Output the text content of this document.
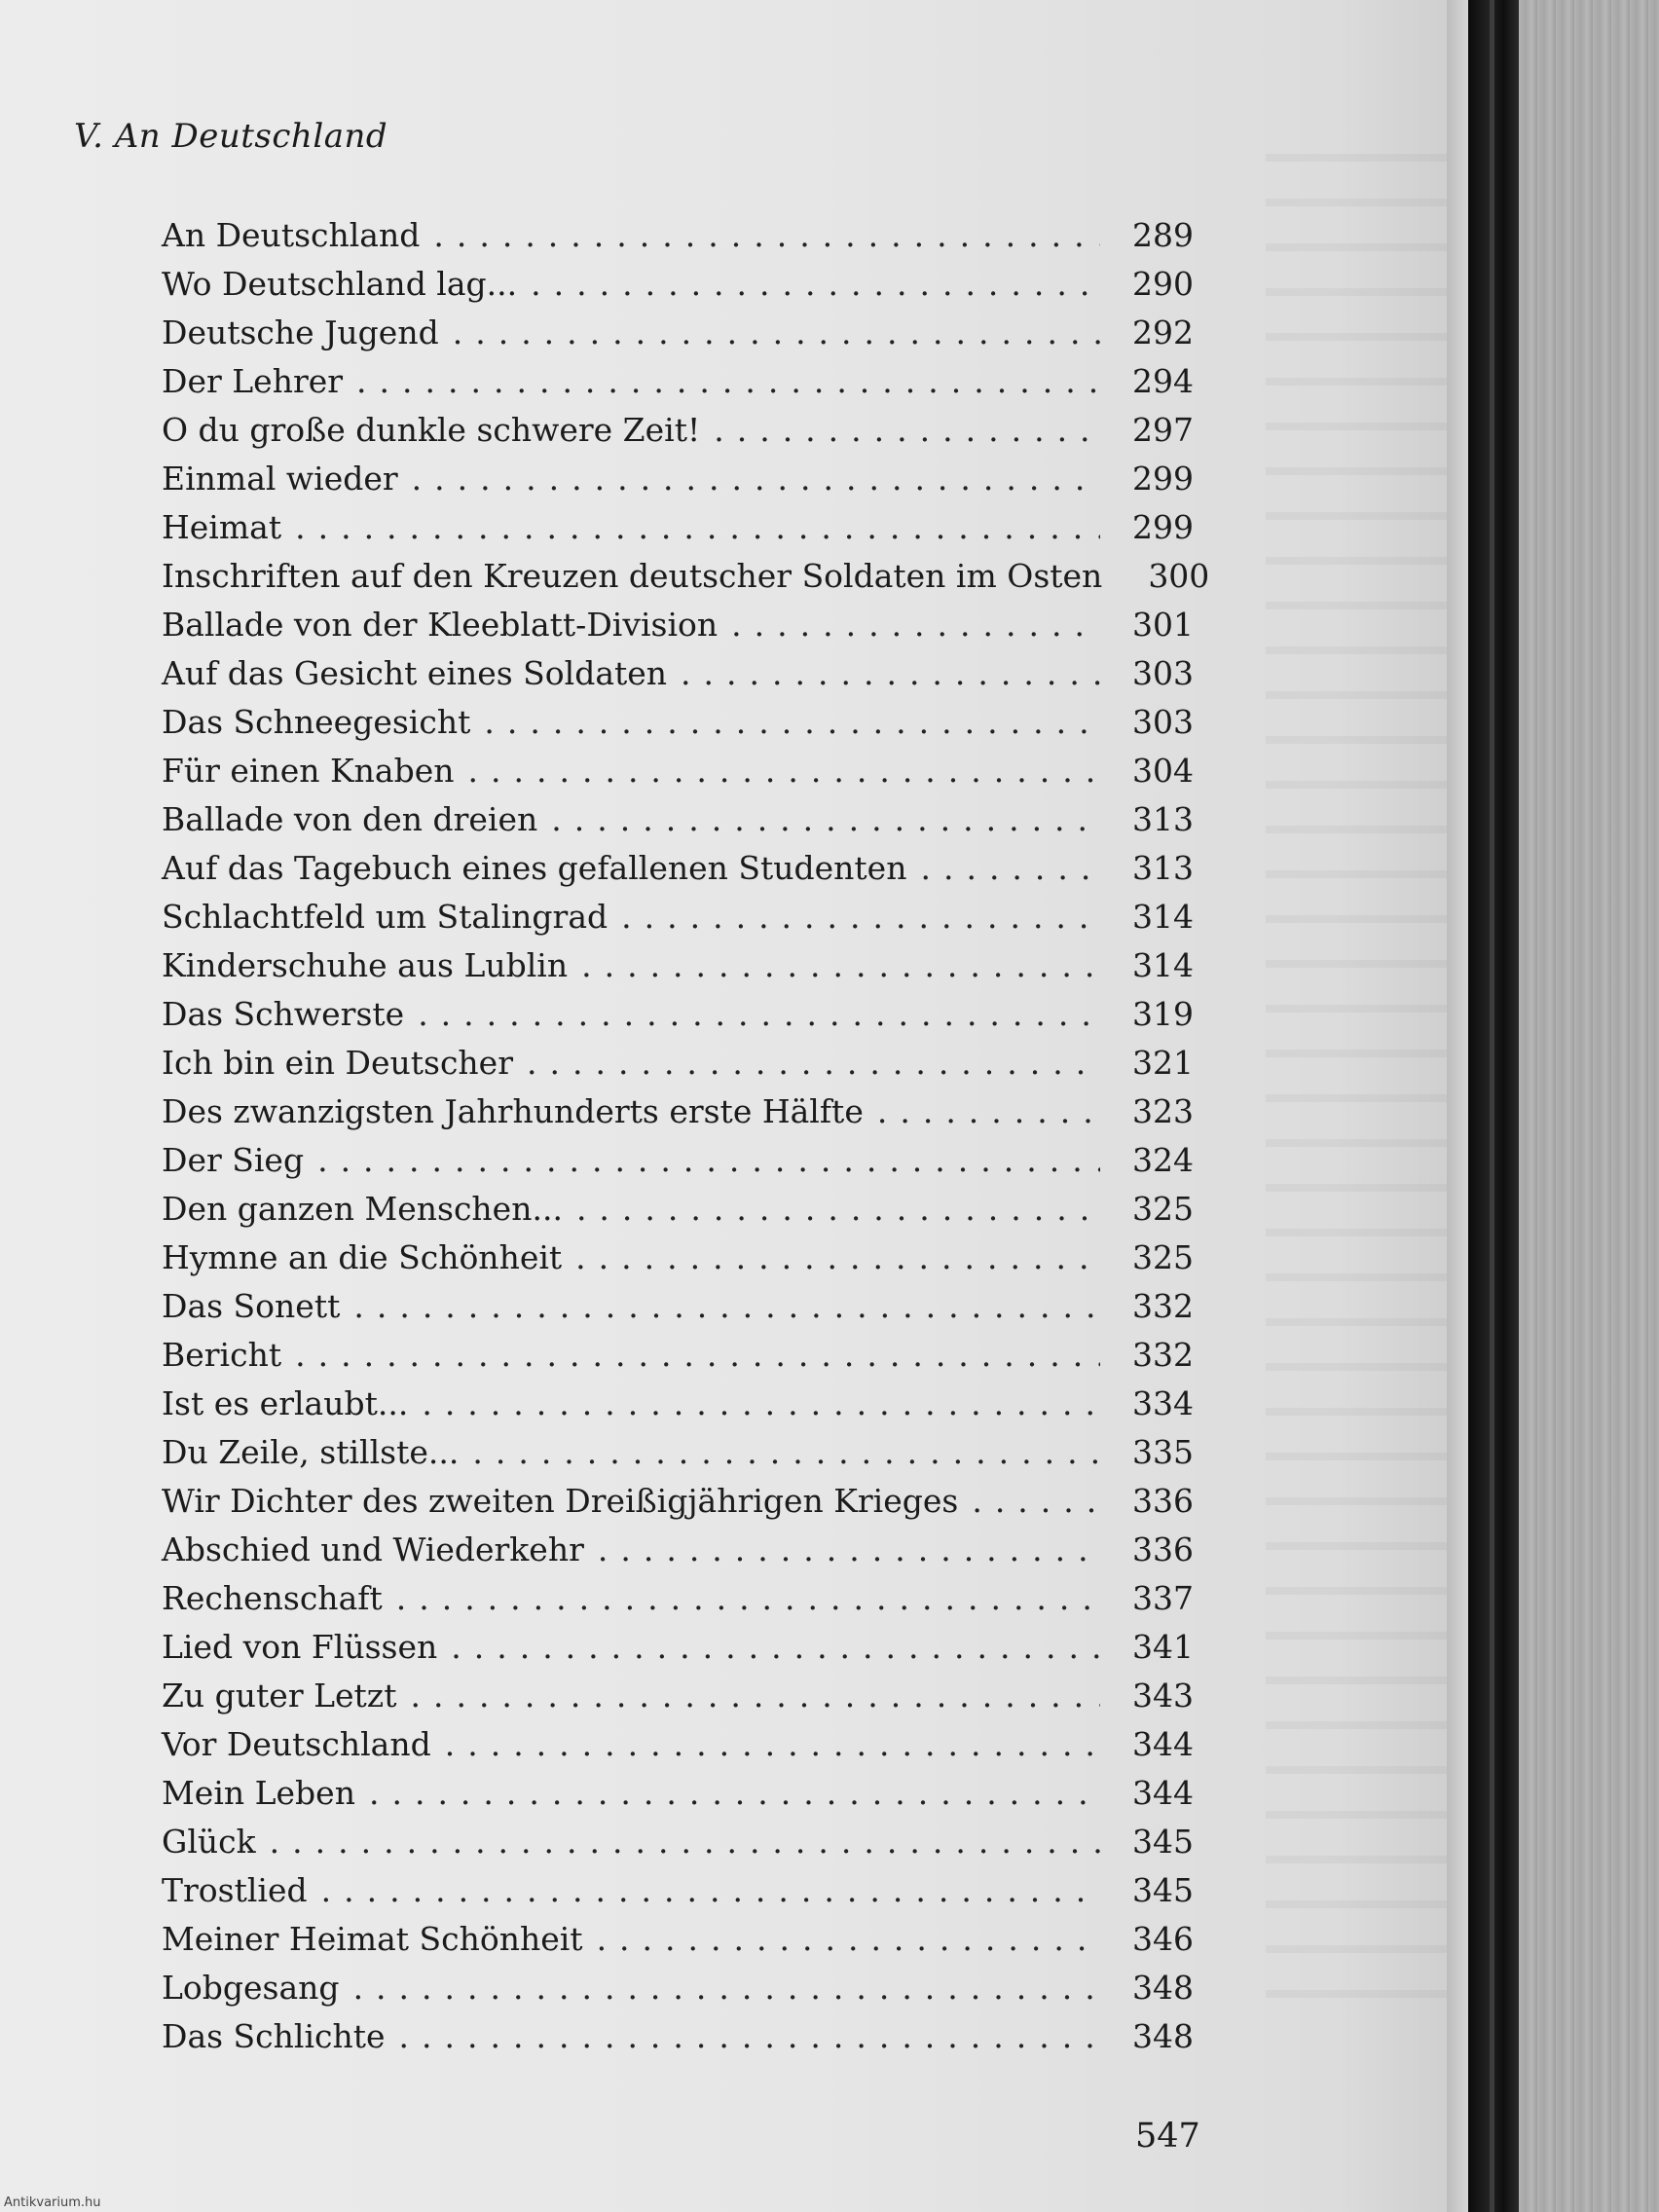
V. An Deutschland
An Deutschland .....	289
Wo Deutschland lag... .....	290
Deutsche Jugend .....	292
Der Lehrer .....	294
O du große dunkle schwere Zeit! .....	297
Einmal wieder .....	299
Heimat .....	299
Inschriften auf den Kreuzen deutscher Soldaten im Osten 300
Ballade von der Kleeblatt-Division .....	301
Auf das Gesicht eines Soldaten .....	303
Das Schneegesicht .....	303
Für einen Knaben .....	304
Ballade von den dreien .....	313
Auf das Tagebuch eines gefallenen Studenten .....	313
Schlachtfeld um Stalingrad .....	314
Kinderschuhe aus Lublin .....	314
Das Schwerste .....	319
Ich bin ein Deutscher .....	321
Des zwanzigsten Jahrhunderts erste Hälfte .....	323
Der Sieg .....	324
Den ganzen Menschen... .....	325
Hymne an die Schönheit .....	325
Das Sonett .....	332
Bericht .....	332
Ist es erlaubt... .....	334
Du Zeile, stillste... .....	335
Wir Dichter des zweiten Dreißigjährigen Krieges .....	336
Abschied und Wiederkehr .....	336
Rechenschaft .....	337
Lied von Flüssen .....	341
Zu guter Letzt .....	343
Vor Deutschland .....	344
Mein Leben .....	344
Glück .....	345
Trostlied .....	345
Meiner Heimat Schönheit .....	346
Lobgesang .....	348
Das Schlichte .....	348
547
Antikvarium.hu
